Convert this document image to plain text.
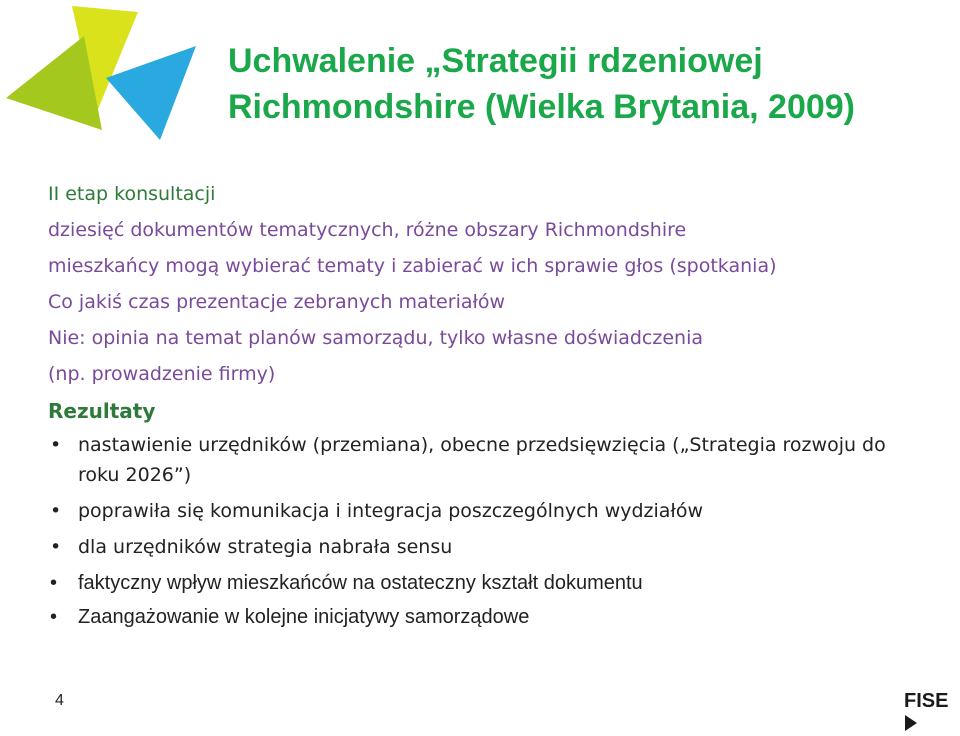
Uchwalenie „Strategii rdzeniowej
Richmondshire (Wielka Brytania, 2009)
II etap konsultacji
dziesięć dokumentów tematycznych, różne obszary Richmondshire
mieszkańcy mogą wybierać tematy i zabierać w ich sprawie głos (spotkania)
Co jakiś czas prezentacje zebranych materiałów
Nie: opinia na temat planów samorządu, tylko własne doświadczenia
(np. prowadzenie firmy)
Rezultaty
• nastawienie urzędników (przemiana), obecne przedsięwzięcia („Strategia rozwoju do roku 2026”)
• poprawiła się komunikacja i integracja poszczególnych wydziałów
• dla urzędników strategia nabrała sensu
• faktyczny wpływ mieszkańców na ostateczny kształt dokumentu
• Zaangażowanie w kolejne inicjatywy samorządowe
4	FISE
